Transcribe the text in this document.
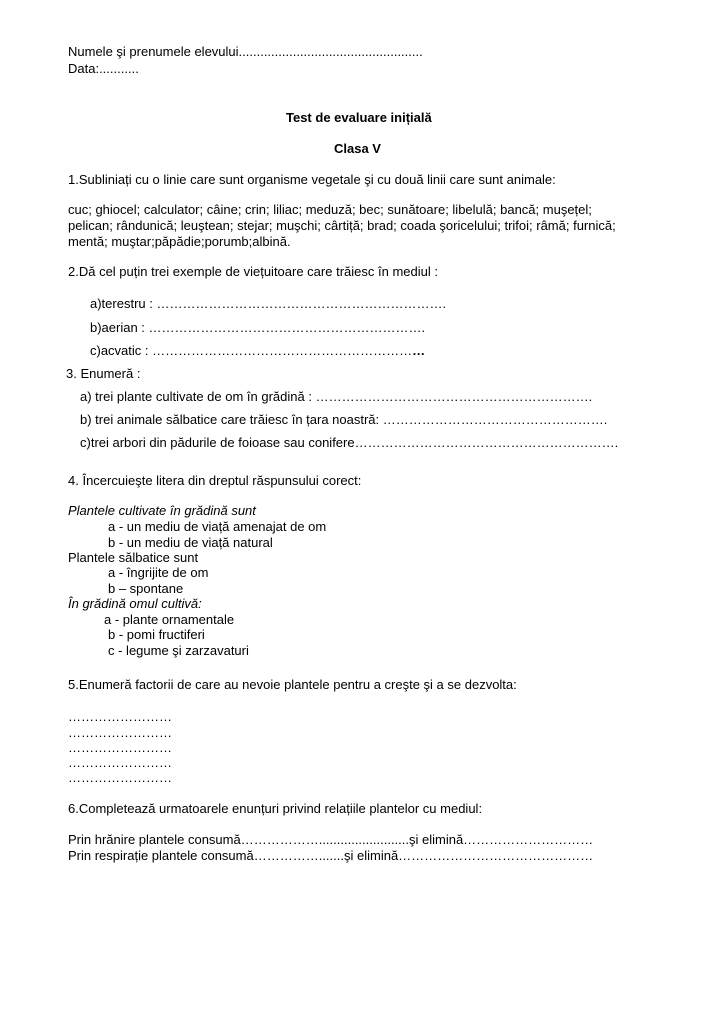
Numele şi prenumele elevului...................................................
Data:...........
Test de evaluare inițială
Clasa V
1.Subliniați cu o linie care sunt organisme vegetale şi cu două linii care sunt animale:
cuc; ghiocel; calculator; câine; crin; liliac; meduză; bec; sunătoare; libelulă; bancă; muşețel;
pelican; rândunică; leuştean; stejar; muşchi; cârtiță; brad; coada şoricelului; trifoi; râmă; furnică;
mentă; muştar;păpădie;porumb;albină.
2.Dă cel puțin trei exemple de viețuitoare care trăiesc în mediul :
a)terestru : ………………………………………………………….
b)aerian : ……………………………………………………….
c)acvatic : ………………………………………………………
3. Enumeră :
a) trei plante cultivate de om în grădină : ……………………………………………………….
b) trei animale sălbatice care trăiesc în țara noastră: …………………………………………….
c)trei arbori din pădurile de foioase sau conifere…………………………………………………….
4. Încercuieşte litera din dreptul răspunsului corect:
Plantele cultivate în grădină sunt
a - un mediu de viață amenajat de om
b - un mediu de viață natural
Plantele sălbatice sunt
a - îngrijite de om
b – spontane
În grădină omul cultivă:
a - plante ornamentale
b - pomi fructiferi
c - legume şi zarzavaturi
5.Enumeră factorii de care au nevoie plantele pentru a creşte şi a se dezvolta:
……………………
……………………
……………………
……………………
……………………
6.Completează urmatoarele enunțuri privind relațiile plantelor cu mediul:
Prin hrănire plantele consumă……………….........................şi elimină…………………………
Prin respirație plantele consumă…………….......şi elimină………………………………………
